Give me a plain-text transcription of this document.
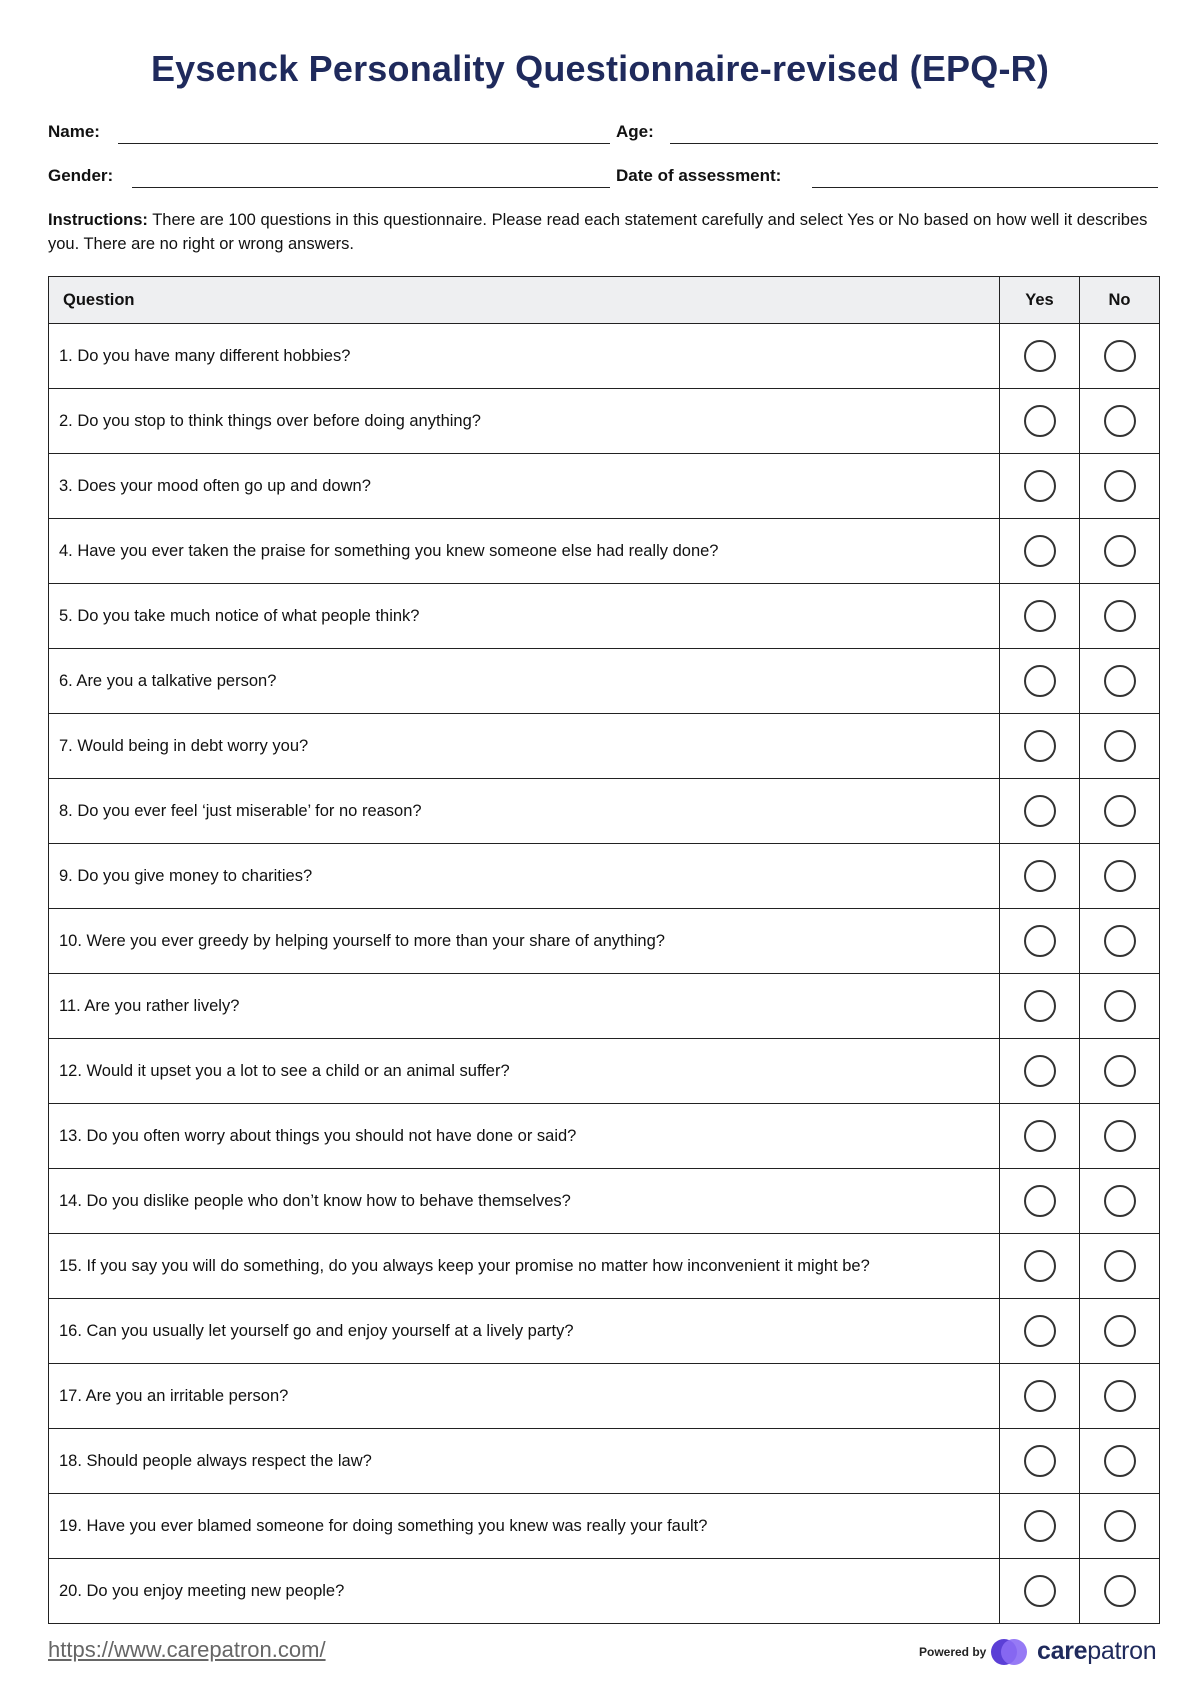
Eysenck Personality Questionnaire-revised (EPQ-R)
Name:	Age:
Gender:	Date of assessment:
Instructions: There are 100 questions in this questionnaire. Please read each statement carefully and select Yes or No based on how well it describes you. There are no right or wrong answers.
Question	Yes	No
1. Do you have many different hobbies?		
2. Do you stop to think things over before doing anything?		
3. Does your mood often go up and down?		
4. Have you ever taken the praise for something you knew someone else had really done?		
5. Do you take much notice of what people think?		
6. Are you a talkative person?		
7. Would being in debt worry you?		
8. Do you ever feel ‘just miserable’ for no reason?		
9. Do you give money to charities?		
10. Were you ever greedy by helping yourself to more than your share of anything?		
11. Are you rather lively?		
12. Would it upset you a lot to see a child or an animal suffer?		
13. Do you often worry about things you should not have done or said?		
14. Do you dislike people who don’t know how to behave themselves?		
15. If you say you will do something, do you always keep your promise no matter how inconvenient it might be?		
16. Can you usually let yourself go and enjoy yourself at a lively party?		
17. Are you an irritable person?		
18. Should people always respect the law?		
19. Have you ever blamed someone for doing something you knew was really your fault?		
20. Do you enjoy meeting new people?		
https://www.carepatron.com/	Powered by carepatron
